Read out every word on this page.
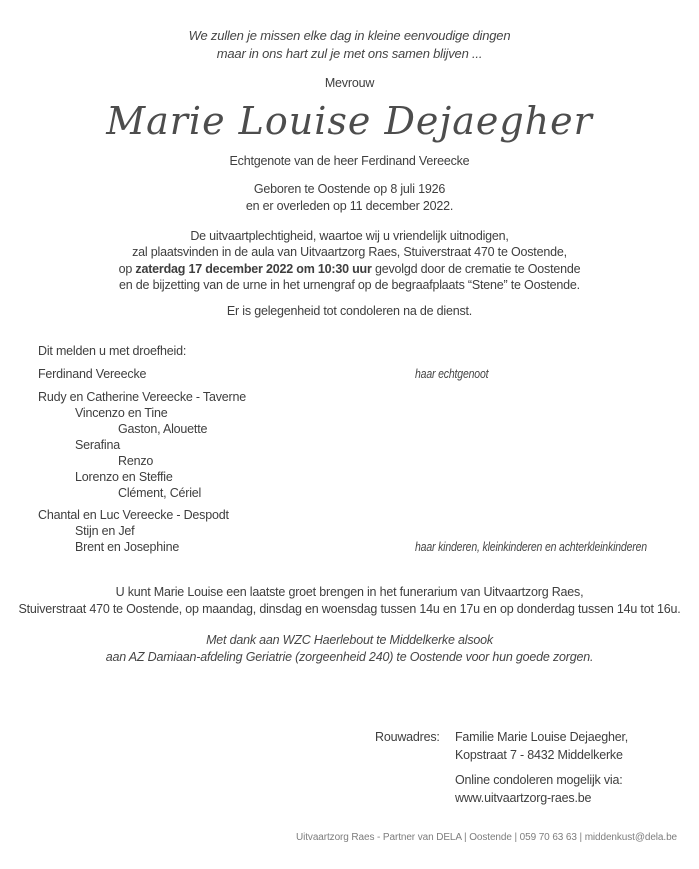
We zullen je missen elke dag in kleine eenvoudige dingen
maar in ons hart zul je met ons samen blijven ...
Mevrouw
Marie Louise Dejaegher
Echtgenote van de heer Ferdinand Vereecke
Geboren te Oostende op 8 juli 1926
en er overleden op 11 december 2022.
De uitvaartplechtigheid, waartoe wij u vriendelijk uitnodigen,
zal plaatsvinden in de aula van Uitvaartzorg Raes, Stuiverstraat 470 te Oostende,
op zaterdag 17 december 2022 om 10:30 uur gevolgd door de crematie te Oostende
en de bijzetting van de urne in het urnengraf op de begraafplaats “Stene” te Oostende.
Er is gelegenheid tot condoleren na de dienst.
Dit melden u met droefheid:
Ferdinand Vereecke	haar echtgenoot
Rudy en Catherine Vereecke - Taverne
Vincenzo en Tine
Gaston, Alouette
Serafina
Renzo
Lorenzo en Steffie
Clément, Cériel
Chantal en Luc Vereecke - Despodt
Stijn en Jef
Brent en Josephine	haar kinderen, kleinkinderen en achterkleinkinderen
U kunt Marie Louise een laatste groet brengen in het funerarium van Uitvaartzorg Raes,
Stuiverstraat 470 te Oostende, op maandag, dinsdag en woensdag tussen 14u en 17u en op donderdag tussen 14u tot 16u.
Met dank aan WZC Haerlebout te Middelkerke alsook
aan AZ Damiaan-afdeling Geriatrie (zorgeenheid 240) te Oostende voor hun goede zorgen.
Rouwadres:	Familie Marie Louise Dejaegher,
Kopstraat 7 - 8432 Middelkerke
Online condoleren mogelijk via:
www.uitvaartzorg-raes.be
Uitvaartzorg Raes - Partner van DELA | Oostende | 059 70 63 63 | middenkust@dela.be
